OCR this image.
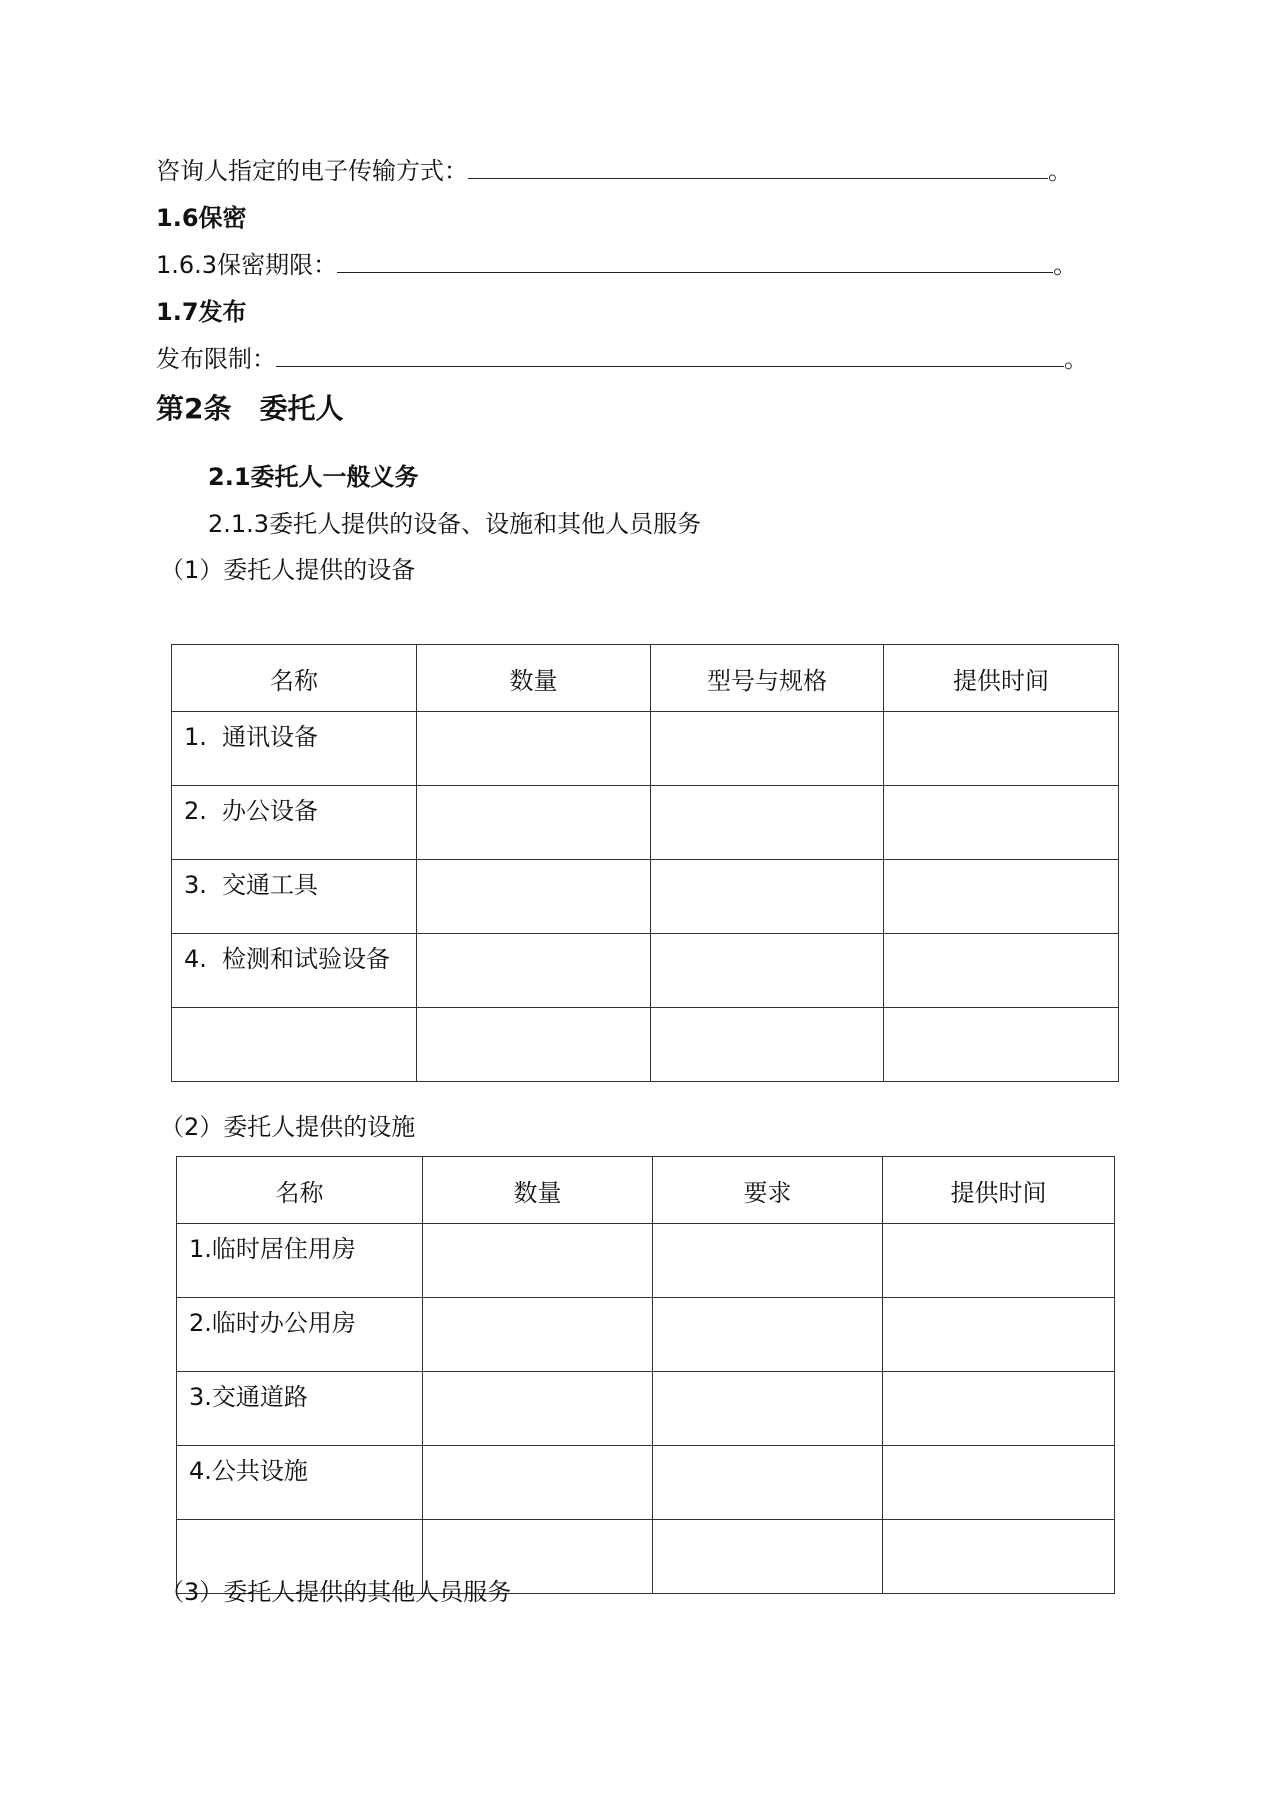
咨询人指定的电子传输方式：	。
1.6保密
1.6.3保密期限：	。
1.7发布
发布限制：	。
第2条　委托人
2.1委托人一般义务
2.1.3委托人提供的设备、设施和其他人员服务
（1）委托人提供的设备
名称	数量	型号与规格	提供时间
1. 通讯设备			
2. 办公设备			
3. 交通工具			
4. 检测和试验设备			

（2）委托人提供的设施
名称	数量	要求	提供时间
1.临时居住用房			
2.临时办公用房			
3.交通道路			
4.公共设施			

（3）委托人提供的其他人员服务
